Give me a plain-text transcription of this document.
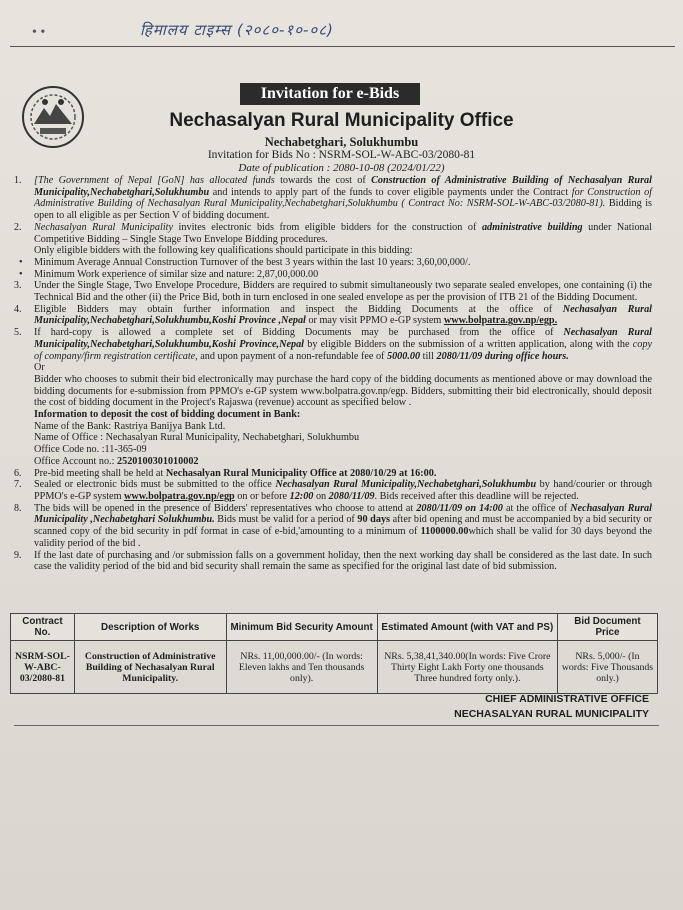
• •	हिमालय टाइम्स (२०८०-१०-०८)
Invitation for e-Bids
Nechasalyan Rural Municipality Office
Nechabetghari, Solukhumbu
Invitation for Bids No : NSRM-SOL-W-ABC-03/2080-81
Date of publication : 2080-10-08 (2024/01/22)
1. [The Government of Nepal [GoN] has allocated funds towards the cost of Construction of Administrative Building of Nechasalyan Rural Municipality,Nechabetghari,Solukhumbu and intends to apply part of the funds to cover eligible payments under the Contract for Construction of Administrative Building of Nechasalyan Rural Municipality,Nechabetghari,Solukhumbu ( Contract No: NSRM-SOL-W-ABC-03/2080-81). Bidding is open to all eligible as per Section V of bidding document.
2. Nechasalyan Rural Municipality invites electronic bids from eligible bidders for the construction of administrative building under National Competitive Bidding – Single Stage Two Envelope Bidding procedures.
Only eligible bidders with the following key qualifications should participate in this bidding:
• Minimum Average Annual Construction Turnover of the best 3 years within the last 10 years: 3,60,00,000/.
• Minimum Work experience of similar size and nature: 2,87,00,000.00
3. Under the Single Stage, Two Envelope Procedure, Bidders are required to submit simultaneously two separate sealed envelopes, one containing (i) the Technical Bid and the other (ii) the Price Bid, both in turn enclosed in one sealed envelope as per the provision of ITB 21 of the Bidding Document.
4. Eligible Bidders may obtain further information and inspect the Bidding Documents at the office of Nechasalyan Rural Municipality,Nechabetghari,Solukhumbu,Koshi Province ,Nepal or may visit PPMO e-GP system www.bolpatra.gov.np/egp.
5. If hard-copy is allowed a complete set of Bidding Documents may be purchased from the office of Nechasalyan Rural Municipality,Nechabetghari,Solukhumbu,Koshi Province,Nepal by eligible Bidders on the submission of a written application, along with the copy of company/firm registration certificate, and upon payment of a non-refundable fee of 5000.00 till 2080/11/09 during office hours.
Or
Bidder who chooses to submit their bid electronically may purchase the hard copy of the bidding documents as mentioned above or may download the bidding documents for e-submission from PPMO's e-GP system www.bolpatra.gov.np/egp. Bidders, submitting their bid electronically, should deposit the cost of bidding document in the Project's Rajaswa (revenue) account as specified below .
Information to deposit the cost of bidding document in Bank:
Name of the Bank: Rastriya Banijya Bank Ltd.
Name of Office : Nechasalyan Rural Municipality, Nechabetghari, Solukhumbu
Office Code no. :11-365-09
Office Account no.: 2520100301010002
6. Pre-bid meeting shall be held at Nechasalyan Rural Municipality Office at 2080/10/29 at 16:00.
7. Sealed or electronic bids must be submitted to the office Nechasalyan Rural Municipality,Nechabetghari,Solukhumbu by hand/courier or through PPMO's e-GP system www.bolpatra.gov.np/egp on or before 12:00 on 2080/11/09. Bids received after this deadline will be rejected.
8. The bids will be opened in the presence of Bidders' representatives who choose to attend at 2080/11/09 on 14:00 at the office of Nechasalyan Rural Municipality ,Nechabetghari Solukhumbu. Bids must be valid for a period of 90 days after bid opening and must be accompanied by a bid security or scanned copy of the bid security in pdf format in case of e-bid,'amounting to a minimum of 1100000.00which shall be valid for 30 days beyond the validity period of the bid .
9. If the last date of purchasing and /or submission falls on a government holiday, then the next working day shall be considered as the last date. In such case the validity period of the bid and bid security shall remain the same as specified for the original last date of bid submission.
Contract No.	Description of Works	Minimum Bid Security Amount	Estimated Amount (with VAT and PS)	Bid Document Price
NSRM-SOL-W-ABC-03/2080-81	Construction of Administrative Building of Nechasalyan Rural Municipality.	NRs. 11,00,000.00/- (In words: Eleven lakhs and Ten thousands only).	NRs. 5,38,41,340.00(In words: Five Crore Thirty Eight Lakh Forty one thousands Three hundred forty only.).	NRs. 5,000/- (In words: Five Thousands only.)
CHIEF ADMINISTRATIVE OFFICE
NECHASALYAN RURAL MUNICIPALITY
